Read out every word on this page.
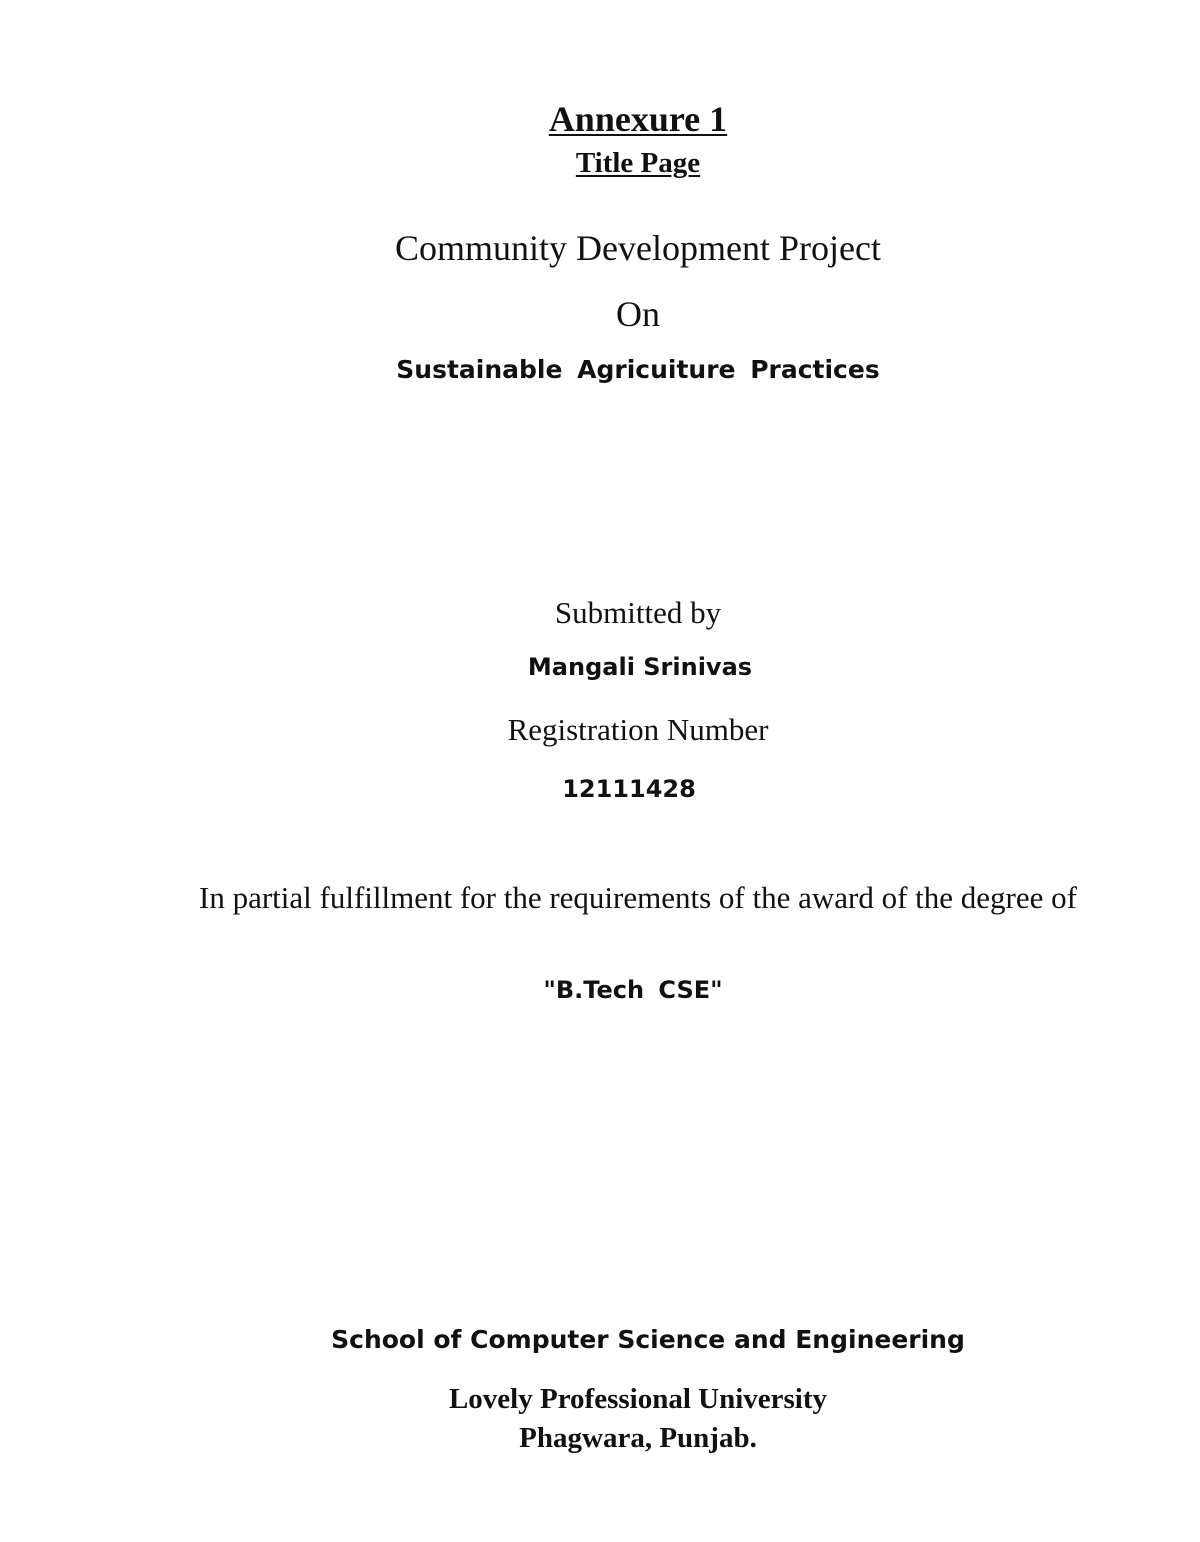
Annexure 1
Title Page
Community Development Project
On
Sustainable Agricuiture Practices
Submitted by
Mangali Srinivas
Registration Number
12111428
In partial fulfillment for the requirements of the award of the degree of
"B.Tech CSE"
School of Computer Science and Engineering
Lovely Professional University
Phagwara, Punjab.
